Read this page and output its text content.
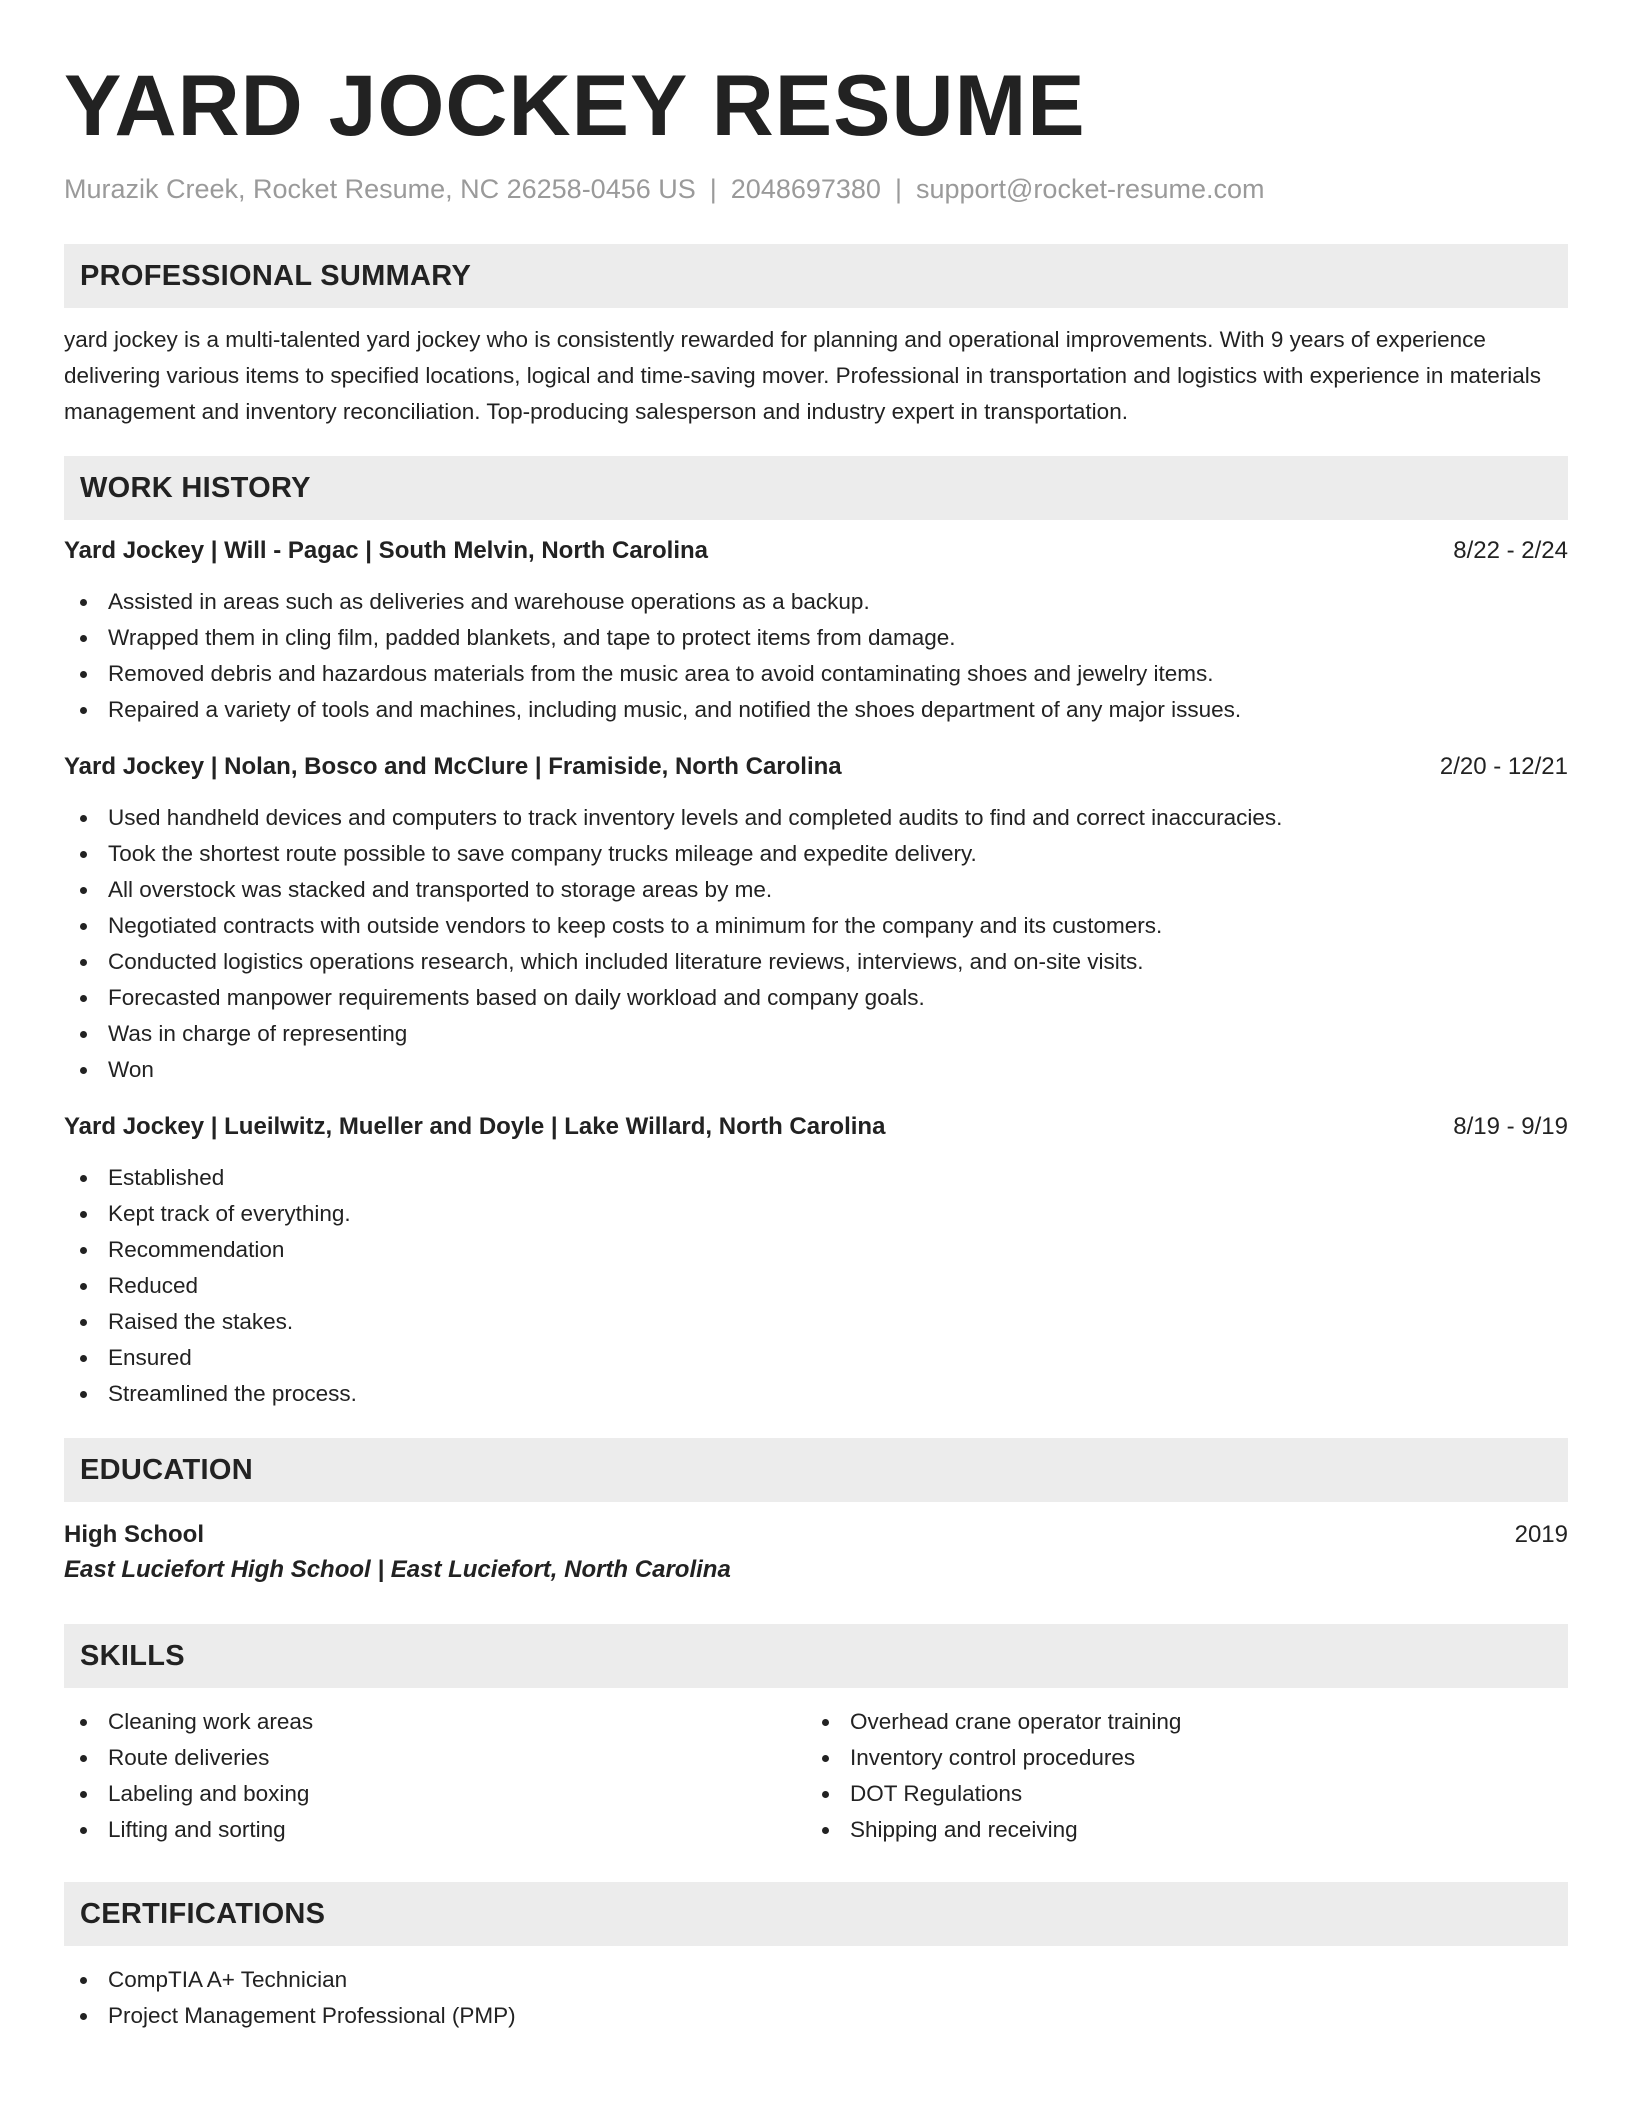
YARD JOCKEY RESUME
Murazik Creek, Rocket Resume, NC 26258-0456 US | 2048697380 | support@rocket-resume.com
PROFESSIONAL SUMMARY
yard jockey is a multi-talented yard jockey who is consistently rewarded for planning and operational improvements. With 9 years of experience delivering various items to specified locations, logical and time-saving mover. Professional in transportation and logistics with experience in materials management and inventory reconciliation. Top-producing salesperson and industry expert in transportation.
WORK HISTORY
Yard Jockey | Will - Pagac | South Melvin, North Carolina	8/22 - 2/24
Assisted in areas such as deliveries and warehouse operations as a backup.
Wrapped them in cling film, padded blankets, and tape to protect items from damage.
Removed debris and hazardous materials from the music area to avoid contaminating shoes and jewelry items.
Repaired a variety of tools and machines, including music, and notified the shoes department of any major issues.
Yard Jockey | Nolan, Bosco and McClure | Framiside, North Carolina	2/20 - 12/21
Used handheld devices and computers to track inventory levels and completed audits to find and correct inaccuracies.
Took the shortest route possible to save company trucks mileage and expedite delivery.
All overstock was stacked and transported to storage areas by me.
Negotiated contracts with outside vendors to keep costs to a minimum for the company and its customers.
Conducted logistics operations research, which included literature reviews, interviews, and on-site visits.
Forecasted manpower requirements based on daily workload and company goals.
Was in charge of representing
Won
Yard Jockey | Lueilwitz, Mueller and Doyle | Lake Willard, North Carolina	8/19 - 9/19
Established
Kept track of everything.
Recommendation
Reduced
Raised the stakes.
Ensured
Streamlined the process.
EDUCATION
High School	2019
East Luciefort High School | East Luciefort, North Carolina
SKILLS
Cleaning work areas
Route deliveries
Labeling and boxing
Lifting and sorting
Overhead crane operator training
Inventory control procedures
DOT Regulations
Shipping and receiving
CERTIFICATIONS
CompTIA A+ Technician
Project Management Professional (PMP)
